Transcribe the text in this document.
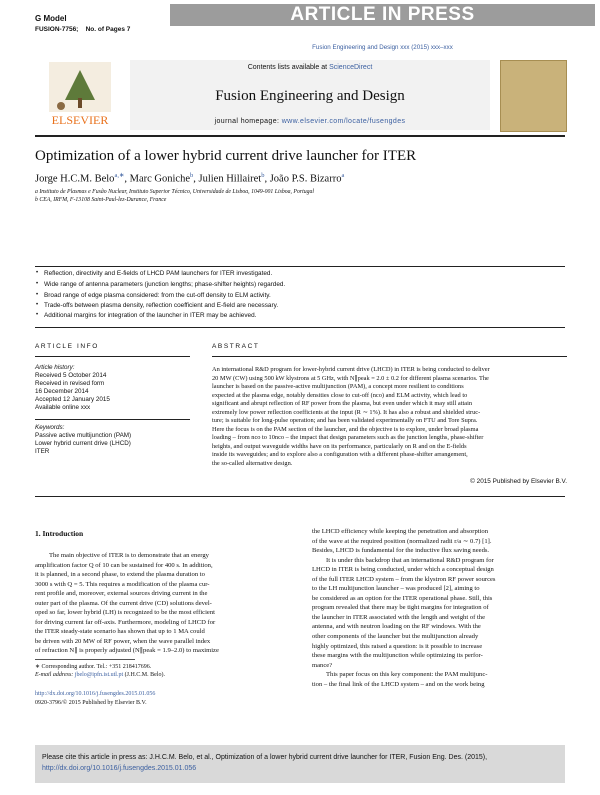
G Model
FUSION-7756; No. of Pages 7
ARTICLE IN PRESS
Fusion Engineering and Design xxx (2015) xxx–xxx
ELSEVIER
Contents lists available at ScienceDirect
Fusion Engineering and Design
journal homepage: www.elsevier.com/locate/fusengdes
Optimization of a lower hybrid current drive launcher for ITER
Jorge H.C.M. Belo$^{a,∗}$, Marc Goniche$^b$, Julien Hillairet$^b$, João P.S. Bizarro$^a$
a Instituto de Plasmas e Fusão Nuclear, Instituto Superior Técnico, Universidade de Lisboa, 1049-001 Lisboa, Portugal
b CEA, IRFM, F-13108 Saint-Paul-lez-Durance, France
• Reflection, directivity and E-fields of LHCD PAM launchers for ITER investigated.
• Wide range of antenna parameters (junction lengths; phase-shifter heights) regarded.
• Broad range of edge plasma considered: from the cut-off density to ELM activity.
• Trade-offs between plasma density, reflection coefficient and E-field are necessary.
• Additional margins for integration of the launcher in ITER may be achieved.
ARTICLE INFO
Article history:
Received 5 October 2014
Received in revised form
16 December 2014
Accepted 12 January 2015
Available online xxx
Keywords:
Passive active multijunction (PAM)
Lower hybrid current drive (LHCD)
ITER
ABSTRACT
An international R&D program for lower-hybrid current drive (LHCD) in ITER is being conducted to deliver
20 MW (CW) using 500 kW klystrons at 5 GHz, with N∥peak = 2.0 ± 0.2 for different plasma scenarios. The
launcher is based on the passive-active multijunction (PAM), a concept more resilient to conditions
expected at the plasma edge, notably densities close to cut-off (nco) and ELM activity, which lead to
significant and abrupt reflection of RF power from the plasma, but even under which it may still attain
extremely low power reflection coefficients at the input (R ∼ 1%). It has also a robust and shielded struc-
ture; is suitable for long-pulse operation; and has been validated experimentally on FTU and Tore Supra.
Here the focus is on the PAM section of the launcher, and the objective is to explore, under broad plasma
loading – from nco to 10nco – the impact that design parameters such as the junction lengths, phase-shifter
heights, and output waveguide widths have on its performance, particularly on R and on the E-fields
inside its waveguides; and to explore also a configuration with a different phase-shifter arrangement,
the so-called alternative design.
© 2015 Published by Elsevier B.V.
1. Introduction
The main objective of ITER is to demonstrate that an energy
amplification factor Q of 10 can be sustained for 400 s. In addition,
it is planned, in a second phase, to extend the plasma duration to
3000 s with Q = 5. This requires a modification of the plasma cur-
rent profile and, moreover, external sources driving current in the
outer part of the plasma. Of the current drive (CD) solutions devel-
oped so far, lower hybrid (LH) is recognized to be the most efficient
for driving current far off-axis. Furthermore, modeling of LHCD for
the ITER steady-state scenario has shown that up to 1 MA could
be driven with 20 MW of RF power, when the wave parallel index
of refraction N∥ is properly adjusted (N∥peak = 1.9–2.0) to maximize
the LHCD efficiency while keeping the penetration and absorption
of the wave at the required position (normalized radii r/a ∼ 0.7) [1].
Besides, LHCD is fundamental for the inductive flux saving needs.
It is under this backdrop that an international R&D program for
LHCD in ITER is being conducted, under which a conceptual design
of the full ITER LHCD system – from the klystron RF power sources
to the LH multijunction launcher – was produced [2], aiming to
be considered as an option for the ITER operational phase. Still, this
program revealed that there may be tight margins for integration of
the launcher in ITER associated with the length and weight of the
antenna, and with neutron loading on the RF windows. With the
other components of the launcher but the multijunction already
highly optimized, this raised a question: is it possible to increase
these margins with the multijunction while optimizing its perfor-
mance?
This paper focus on this key component: the PAM multijunc-
tion – the final link of the LHCD system – and on the work being
∗ Corresponding author. Tel.: +351 218417696.
E-mail address: jbelo@ipfn.ist.utl.pt (J.H.C.M. Belo).
http://dx.doi.org/10.1016/j.fusengdes.2015.01.056
0920-3796/© 2015 Published by Elsevier B.V.
Please cite this article in press as: J.H.C.M. Belo, et al., Optimization of a lower hybrid current drive launcher for ITER, Fusion Eng. Des. (2015), http://dx.doi.org/10.1016/j.fusengdes.2015.01.056
